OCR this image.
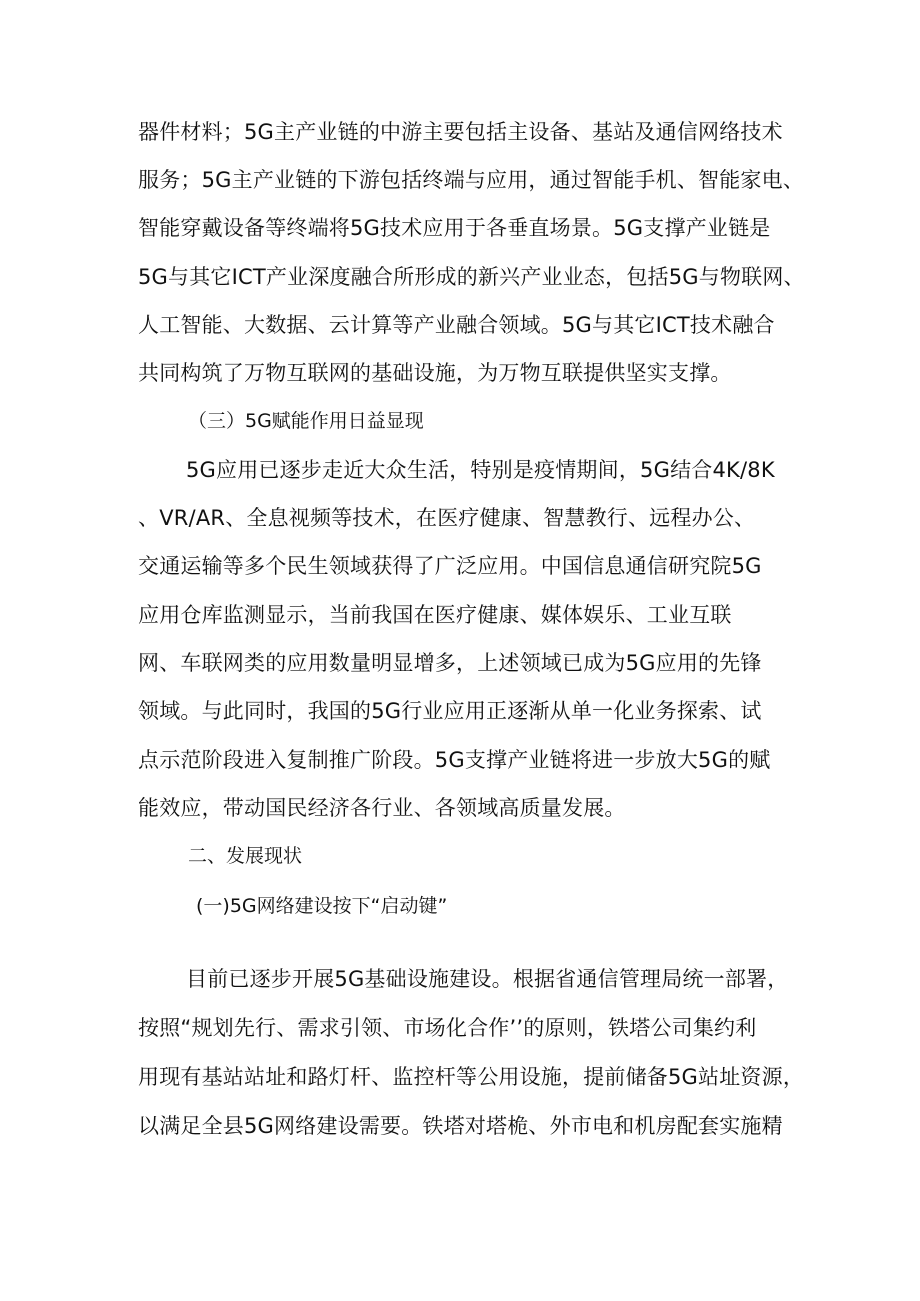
器件材料；5G主产业链的中游主要包括主设备、基站及通信网络技术
服务；5G主产业链的下游包括终端与应用，通过智能手机、智能家电、
智能穿戴设备等终端将5G技术应用于各垂直场景。5G支撑产业链是
5G与其它ICT产业深度融合所形成的新兴产业业态，包括5G与物联网、
人工智能、大数据、云计算等产业融合领域。5G与其它ICT技术融合
共同构筑了万物互联网的基础设施，为万物互联提供坚实支撑。
（三）5G赋能作用日益显现
5G应用已逐步走近大众生活，特别是疫情期间，5G结合4K/8K
、VR/AR、全息视频等技术，在医疗健康、智慧教行、远程办公、
交通运输等多个民生领域获得了广泛应用。中国信息通信研究院5G
应用仓库监测显示，当前我国在医疗健康、媒体娱乐、工业互联
网、车联网类的应用数量明显增多，上述领域已成为5G应用的先锋
领域。与此同时，我国的5G行业应用正逐渐从单一化业务探索、试
点示范阶段进入复制推广阶段。5G支撑产业链将进一步放大5G的赋
能效应，带动国民经济各行业、各领域高质量发展。
二、发展现状
(一)5G网络建设按下“启动键”
目前已逐步开展5G基础设施建设。根据省通信管理局统一部署，
按照“规划先行、需求引领、市场化合作’’的原则，铁塔公司集约利
用现有基站站址和路灯杆、监控杆等公用设施，提前储备5G站址资源，
以满足全县5G网络建设需要。铁塔对塔桅、外市电和机房配套实施精
